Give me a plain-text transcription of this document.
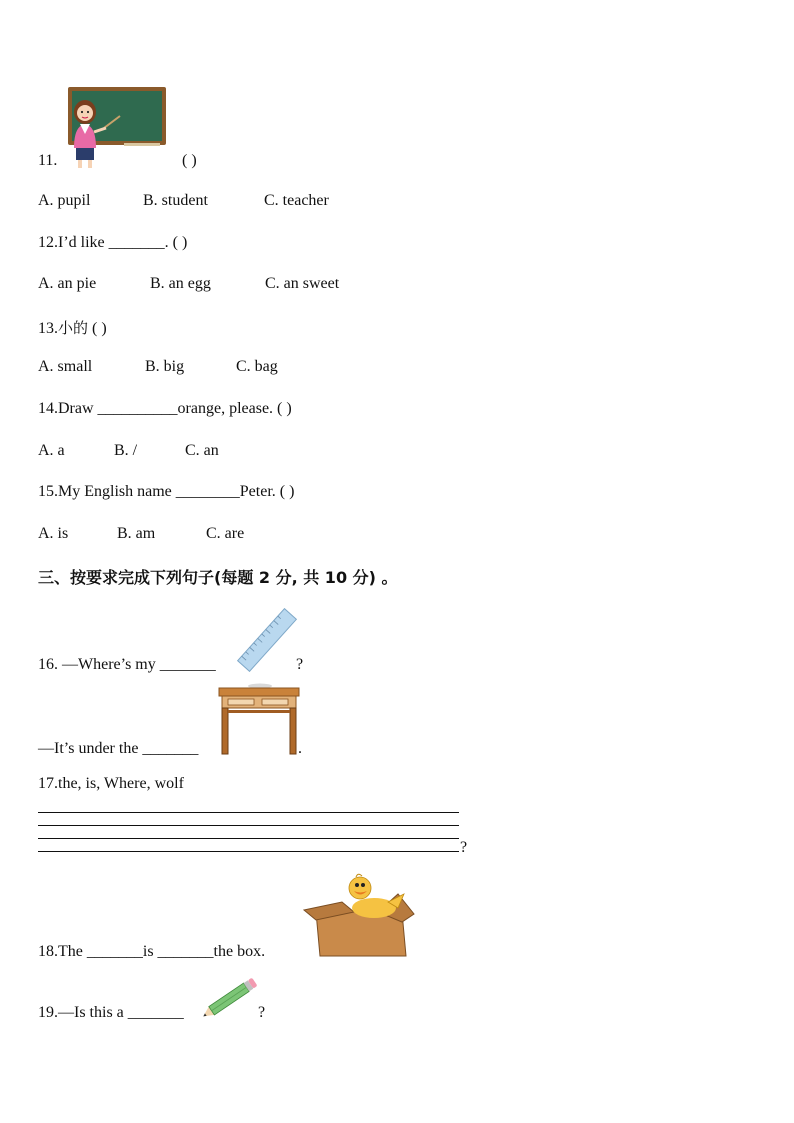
11.	( )
A. pupil	B. student	C. teacher
12.I’d like _______. ( )
A. an pie	B. an egg	C. an sweet
13.小的 ( )
A. small	B. big	C. bag
14.Draw __________orange, please. ( )
A. a	B. /	C. an
15.My English name ________Peter. ( )
A. is	B. am	C. are
三、按要求完成下列句子(每题 2 分, 共 10 分) 。
16. —Where’s my _______	?
—It’s under the _______	.
17.the, is, Where, wolf
?
18.The _______is _______the box.
19.—Is this a _______	?
